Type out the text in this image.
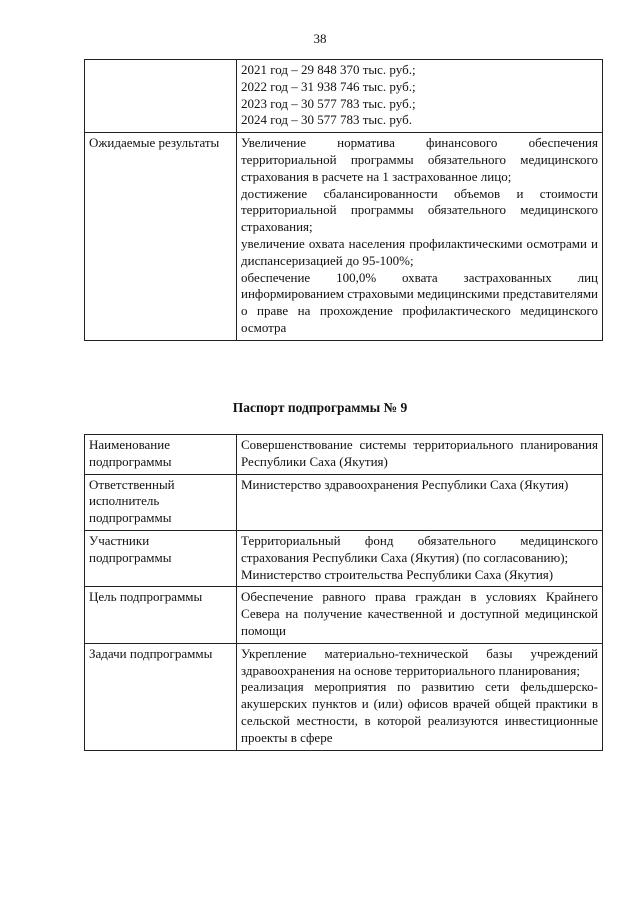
38

	2021 год – 29 848 370 тыс. руб.;
2022 год – 31 938 746 тыс. руб.;
2023 год – 30 577 783 тыс. руб.;
2024 год – 30 577 783 тыс. руб.

Ожидаемые результаты	Увеличение норматива финансового обеспечения территориальной программы обязательного медицинского страхования в расчете на 1 застрахованное лицо;
достижение сбалансированности объемов и стоимости территориальной программы обязательного медицинского страхования;
увеличение охвата населения профилактическими осмотрами и диспансеризацией до 95-100%;
обеспечение 100,0% охвата застрахованных лиц информированием страховыми медицинскими представителями о праве на прохождение профилактического медицинского осмотра
Паспорт подпрограммы № 9
Наименование подпрограммы	Совершенствование системы территориального планирования Республики Саха (Якутия)

Ответственный исполнитель подпрограммы	Министерство здравоохранения Республики Саха (Якутия)

Участники подпрограммы	Территориальный фонд обязательного медицинского страхования Республики Саха (Якутия) (по согласованию);
Министерство строительства Республики Саха (Якутия)

Цель подпрограммы	Обеспечение равного права граждан в условиях Крайнего Севера на получение качественной и доступной медицинской помощи

Задачи подпрограммы	Укрепление материально-технической базы учреждений здравоохранения на основе территориального планирования;
реализация мероприятия по развитию сети фельдшерско-акушерских пунктов и (или) офисов врачей общей практики в сельской местности, в которой реализуются инвестиционные проекты в сфере
